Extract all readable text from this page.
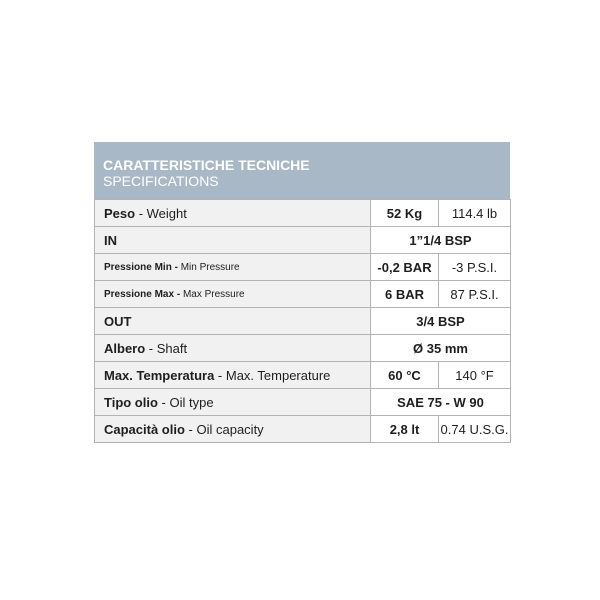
CARATTERISTICHE TECNICHE
SPECIFICATIONS
Peso - Weight	52 Kg	114.4 lb
IN	1”1/4 BSP	
Pressione Min - Min Pressure	-0,2 BAR	-3 P.S.I.
Pressione Max - Max Pressure	6 BAR	87 P.S.I.
OUT	3/4 BSP	
Albero - Shaft	Ø 35 mm	
Max. Temperatura - Max. Temperature	60 °C	140 °F
Tipo olio - Oil type	SAE 75 - W 90	
Capacità olio - Oil capacity	2,8 lt	0.74 U.S.G.
